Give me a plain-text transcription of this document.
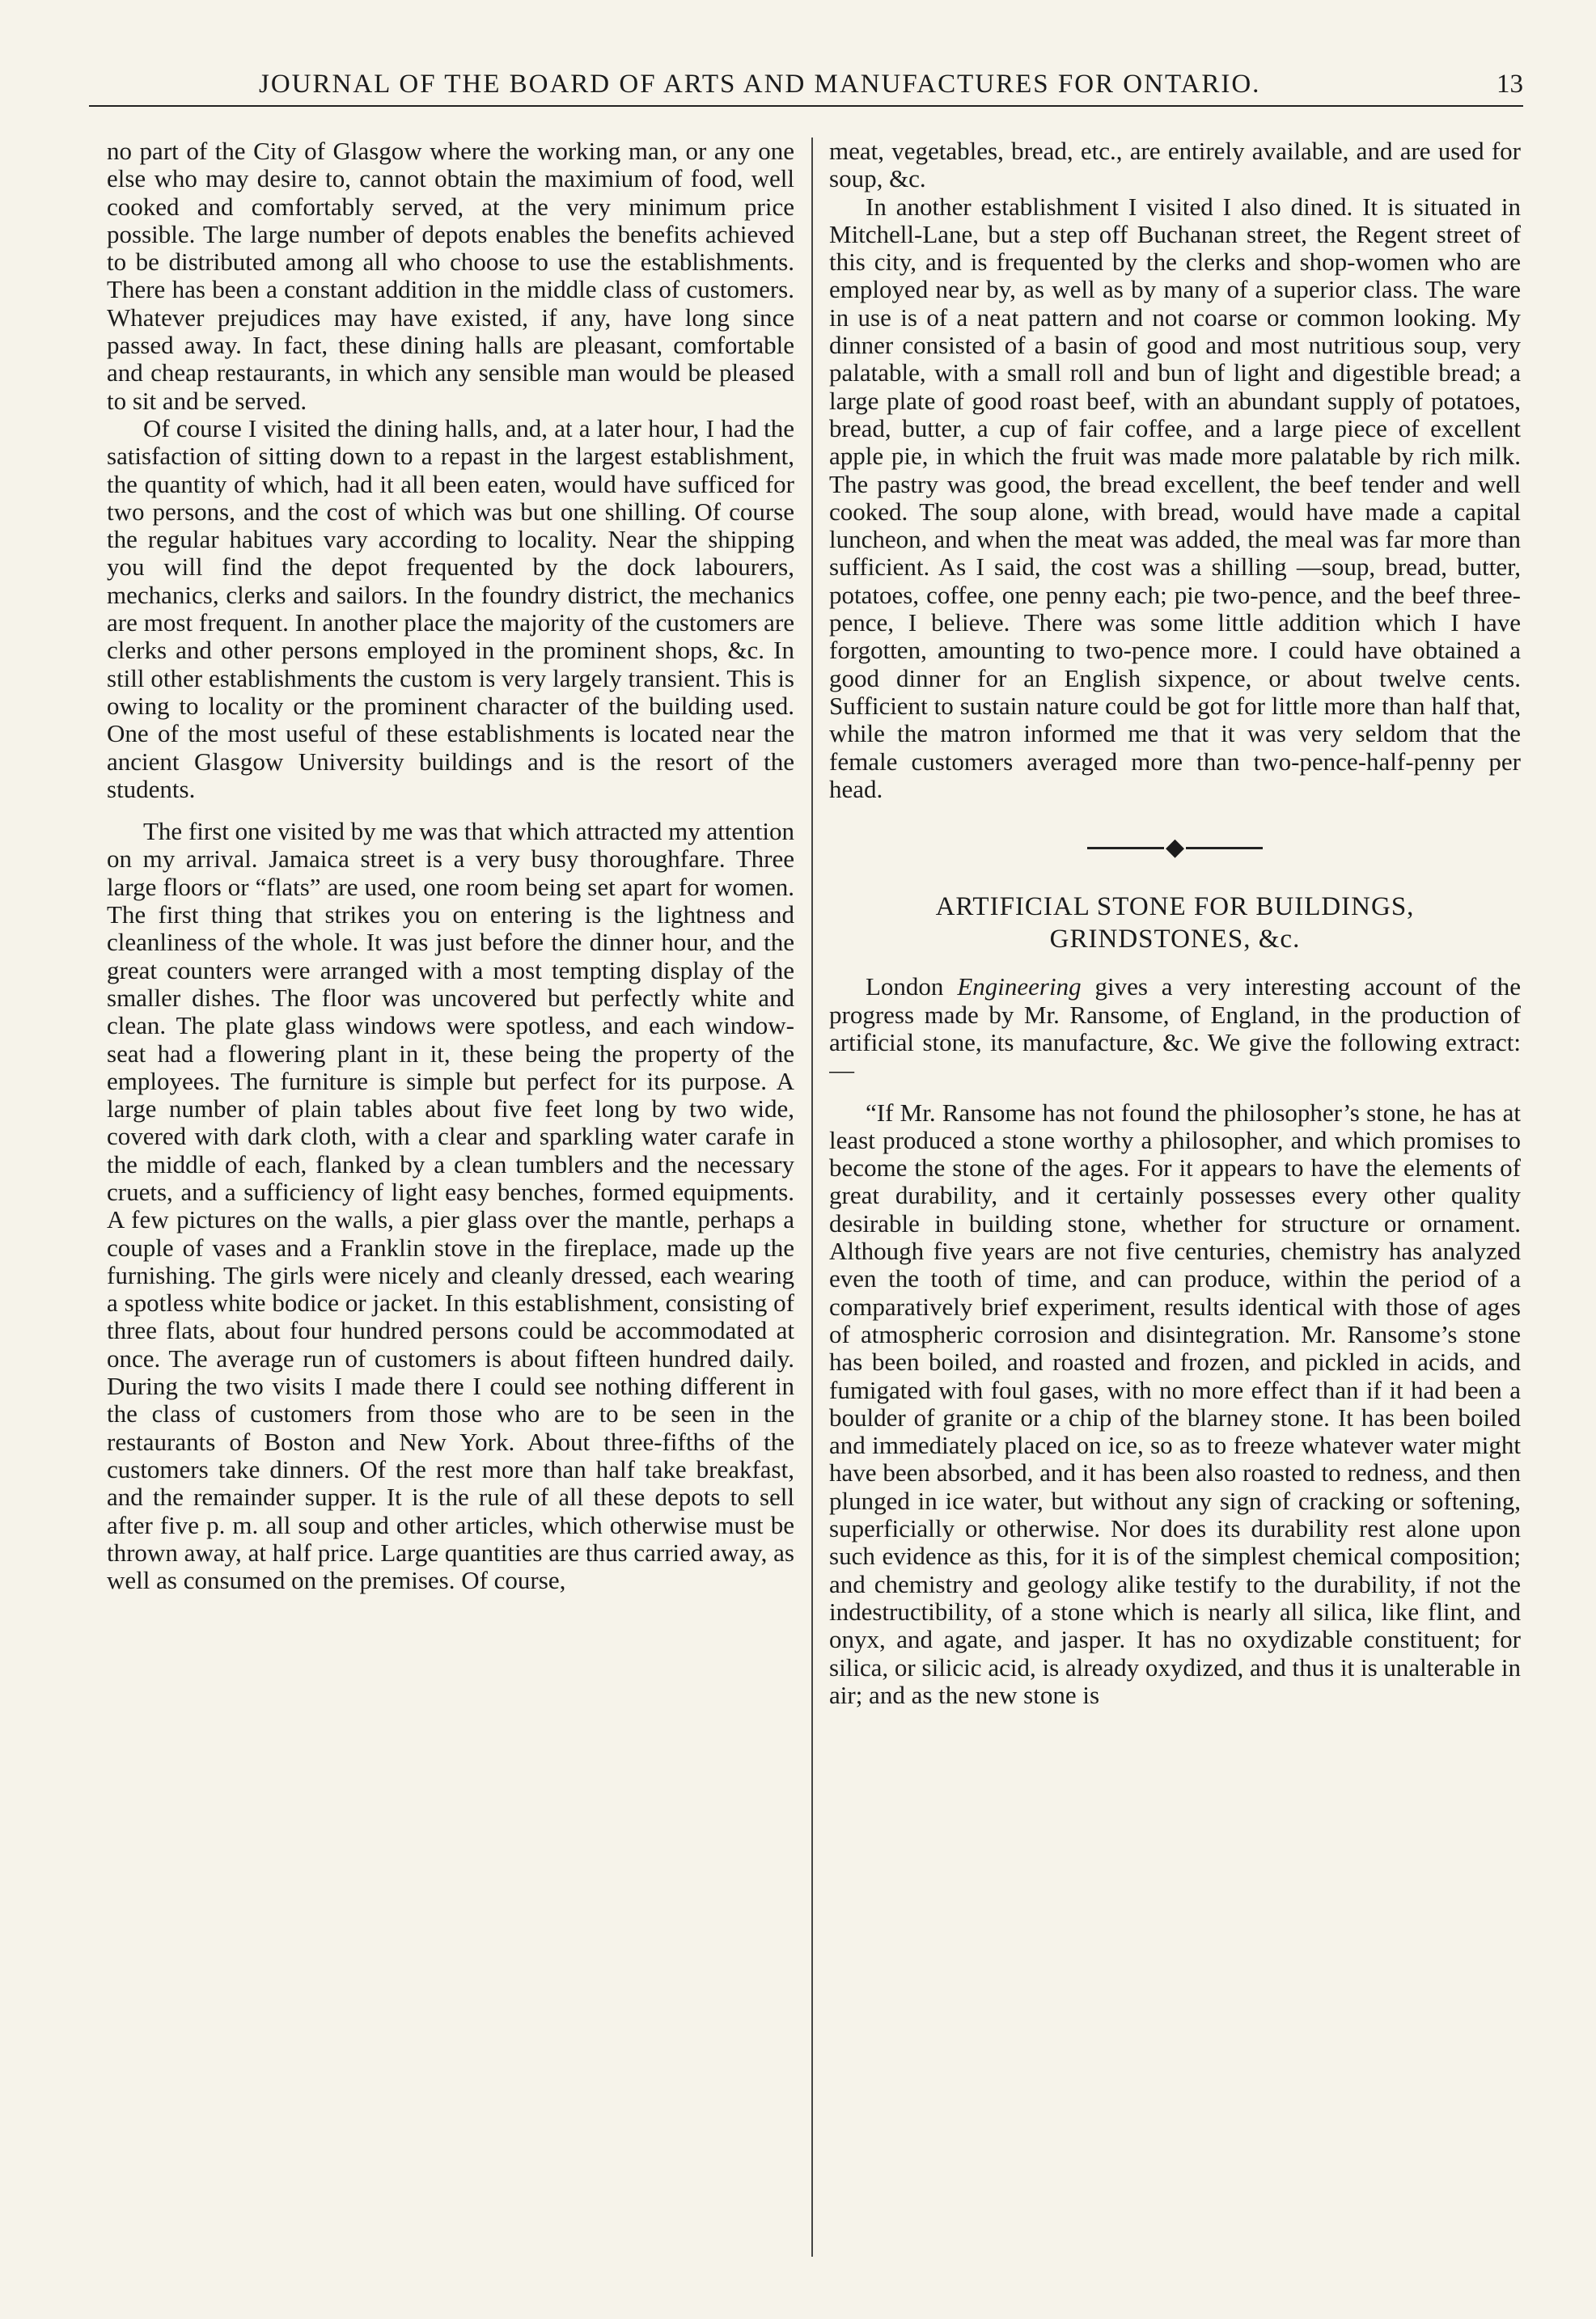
JOURNAL OF THE BOARD OF ARTS AND MANUFACTURES FOR ONTARIO.	13

no part of the City of Glasgow where the working man, or any one else who may desire to, cannot obtain the maximium of food, well cooked and comfortably served, at the very minimum price possible. The large number of depots enables the benefits achieved to be distributed among all who choose to use the establishments. There has been a constant addition in the middle class of customers. Whatever prejudices may have existed, if any, have long since passed away. In fact, these dining halls are pleasant, comfortable and cheap restaurants, in which any sensible man would be pleased to sit and be served.

Of course I visited the dining halls, and, at a later hour, I had the satisfaction of sitting down to a repast in the largest establishment, the quantity of which, had it all been eaten, would have sufficed for two persons, and the cost of which was but one shilling. Of course the regular habitues vary according to locality. Near the shipping you will find the depot frequented by the dock labourers, mechanics, clerks and sailors. In the foundry district, the mechanics are most frequent. In another place the majority of the customers are clerks and other persons employed in the prominent shops, &c. In still other establishments the custom is very largely transient. This is owing to locality or the prominent character of the building used. One of the most useful of these establishments is located near the ancient Glasgow University buildings and is the resort of the students.

The first one visited by me was that which attracted my attention on my arrival. Jamaica street is a very busy thoroughfare. Three large floors or “flats” are used, one room being set apart for women. The first thing that strikes you on entering is the lightness and cleanliness of the whole. It was just before the dinner hour, and the great counters were arranged with a most tempting display of the smaller dishes. The floor was uncovered but perfectly white and clean. The plate glass windows were spotless, and each window-seat had a flowering plant in it, these being the property of the employees. The furniture is simple but perfect for its purpose. A large number of plain tables about five feet long by two wide, covered with dark cloth, with a clear and sparkling water carafe in the middle of each, flanked by a clean tumblers and the necessary cruets, and a sufficiency of light easy benches, formed equipments. A few pictures on the walls, a pier glass over the mantle, perhaps a couple of vases and a Franklin stove in the fireplace, made up the furnishing. The girls were nicely and cleanly dressed, each wearing a spotless white bodice or jacket. In this establishment, consisting of three flats, about four hundred persons could be accommodated at once. The average run of customers is about fifteen hundred daily. During the two visits I made there I could see nothing different in the class of customers from those who are to be seen in the restaurants of Boston and New York. About three-fifths of the customers take dinners. Of the rest more than half take breakfast, and the remainder supper. It is the rule of all these depots to sell after five p. m. all soup and other articles, which otherwise must be thrown away, at half price. Large quantities are thus carried away, as well as consumed on the premises. Of course,

meat, vegetables, bread, etc., are entirely available, and are used for soup, &c.

In another establishment I visited I also dined. It is situated in Mitchell-Lane, but a step off Buchanan street, the Regent street of this city, and is frequented by the clerks and shop-women who are employed near by, as well as by many of a superior class. The ware in use is of a neat pattern and not coarse or common looking. My dinner consisted of a basin of good and most nutritious soup, very palatable, with a small roll and bun of light and digestible bread; a large plate of good roast beef, with an abundant supply of potatoes, bread, butter, a cup of fair coffee, and a large piece of excellent apple pie, in which the fruit was made more palatable by rich milk. The pastry was good, the bread excellent, the beef tender and well cooked. The soup alone, with bread, would have made a capital luncheon, and when the meat was added, the meal was far more than sufficient. As I said, the cost was a shilling —soup, bread, butter, potatoes, coffee, one penny each; pie two-pence, and the beef three-pence, I believe. There was some little addition which I have forgotten, amounting to two-pence more. I could have obtained a good dinner for an English sixpence, or about twelve cents. Sufficient to sustain nature could be got for little more than half that, while the matron informed me that it was very seldom that the female customers averaged more than two-pence-half-penny per head.

◆
ARTIFICIAL STONE FOR BUILDINGS,
GRINDSTONES, &c.

London Engineering gives a very interesting account of the progress made by Mr. Ransome, of England, in the production of artificial stone, its manufacture, &c. We give the following extract:—

“If Mr. Ransome has not found the philosopher’s stone, he has at least produced a stone worthy a philosopher, and which promises to become the stone of the ages. For it appears to have the elements of great durability, and it certainly possesses every other quality desirable in building stone, whether for structure or ornament. Although five years are not five centuries, chemistry has analyzed even the tooth of time, and can produce, within the period of a comparatively brief experiment, results identical with those of ages of atmospheric corrosion and disintegration. Mr. Ransome’s stone has been boiled, and roasted and frozen, and pickled in acids, and fumigated with foul gases, with no more effect than if it had been a boulder of granite or a chip of the blarney stone. It has been boiled and immediately placed on ice, so as to freeze whatever water might have been absorbed, and it has been also roasted to redness, and then plunged in ice water, but without any sign of cracking or softening, superficially or otherwise. Nor does its durability rest alone upon such evidence as this, for it is of the simplest chemical composition; and chemistry and geology alike testify to the durability, if not the indestructibility, of a stone which is nearly all silica, like flint, and onyx, and agate, and jasper. It has no oxydizable constituent; for silica, or silicic acid, is already oxydized, and thus it is unalterable in air; and as the new stone is
